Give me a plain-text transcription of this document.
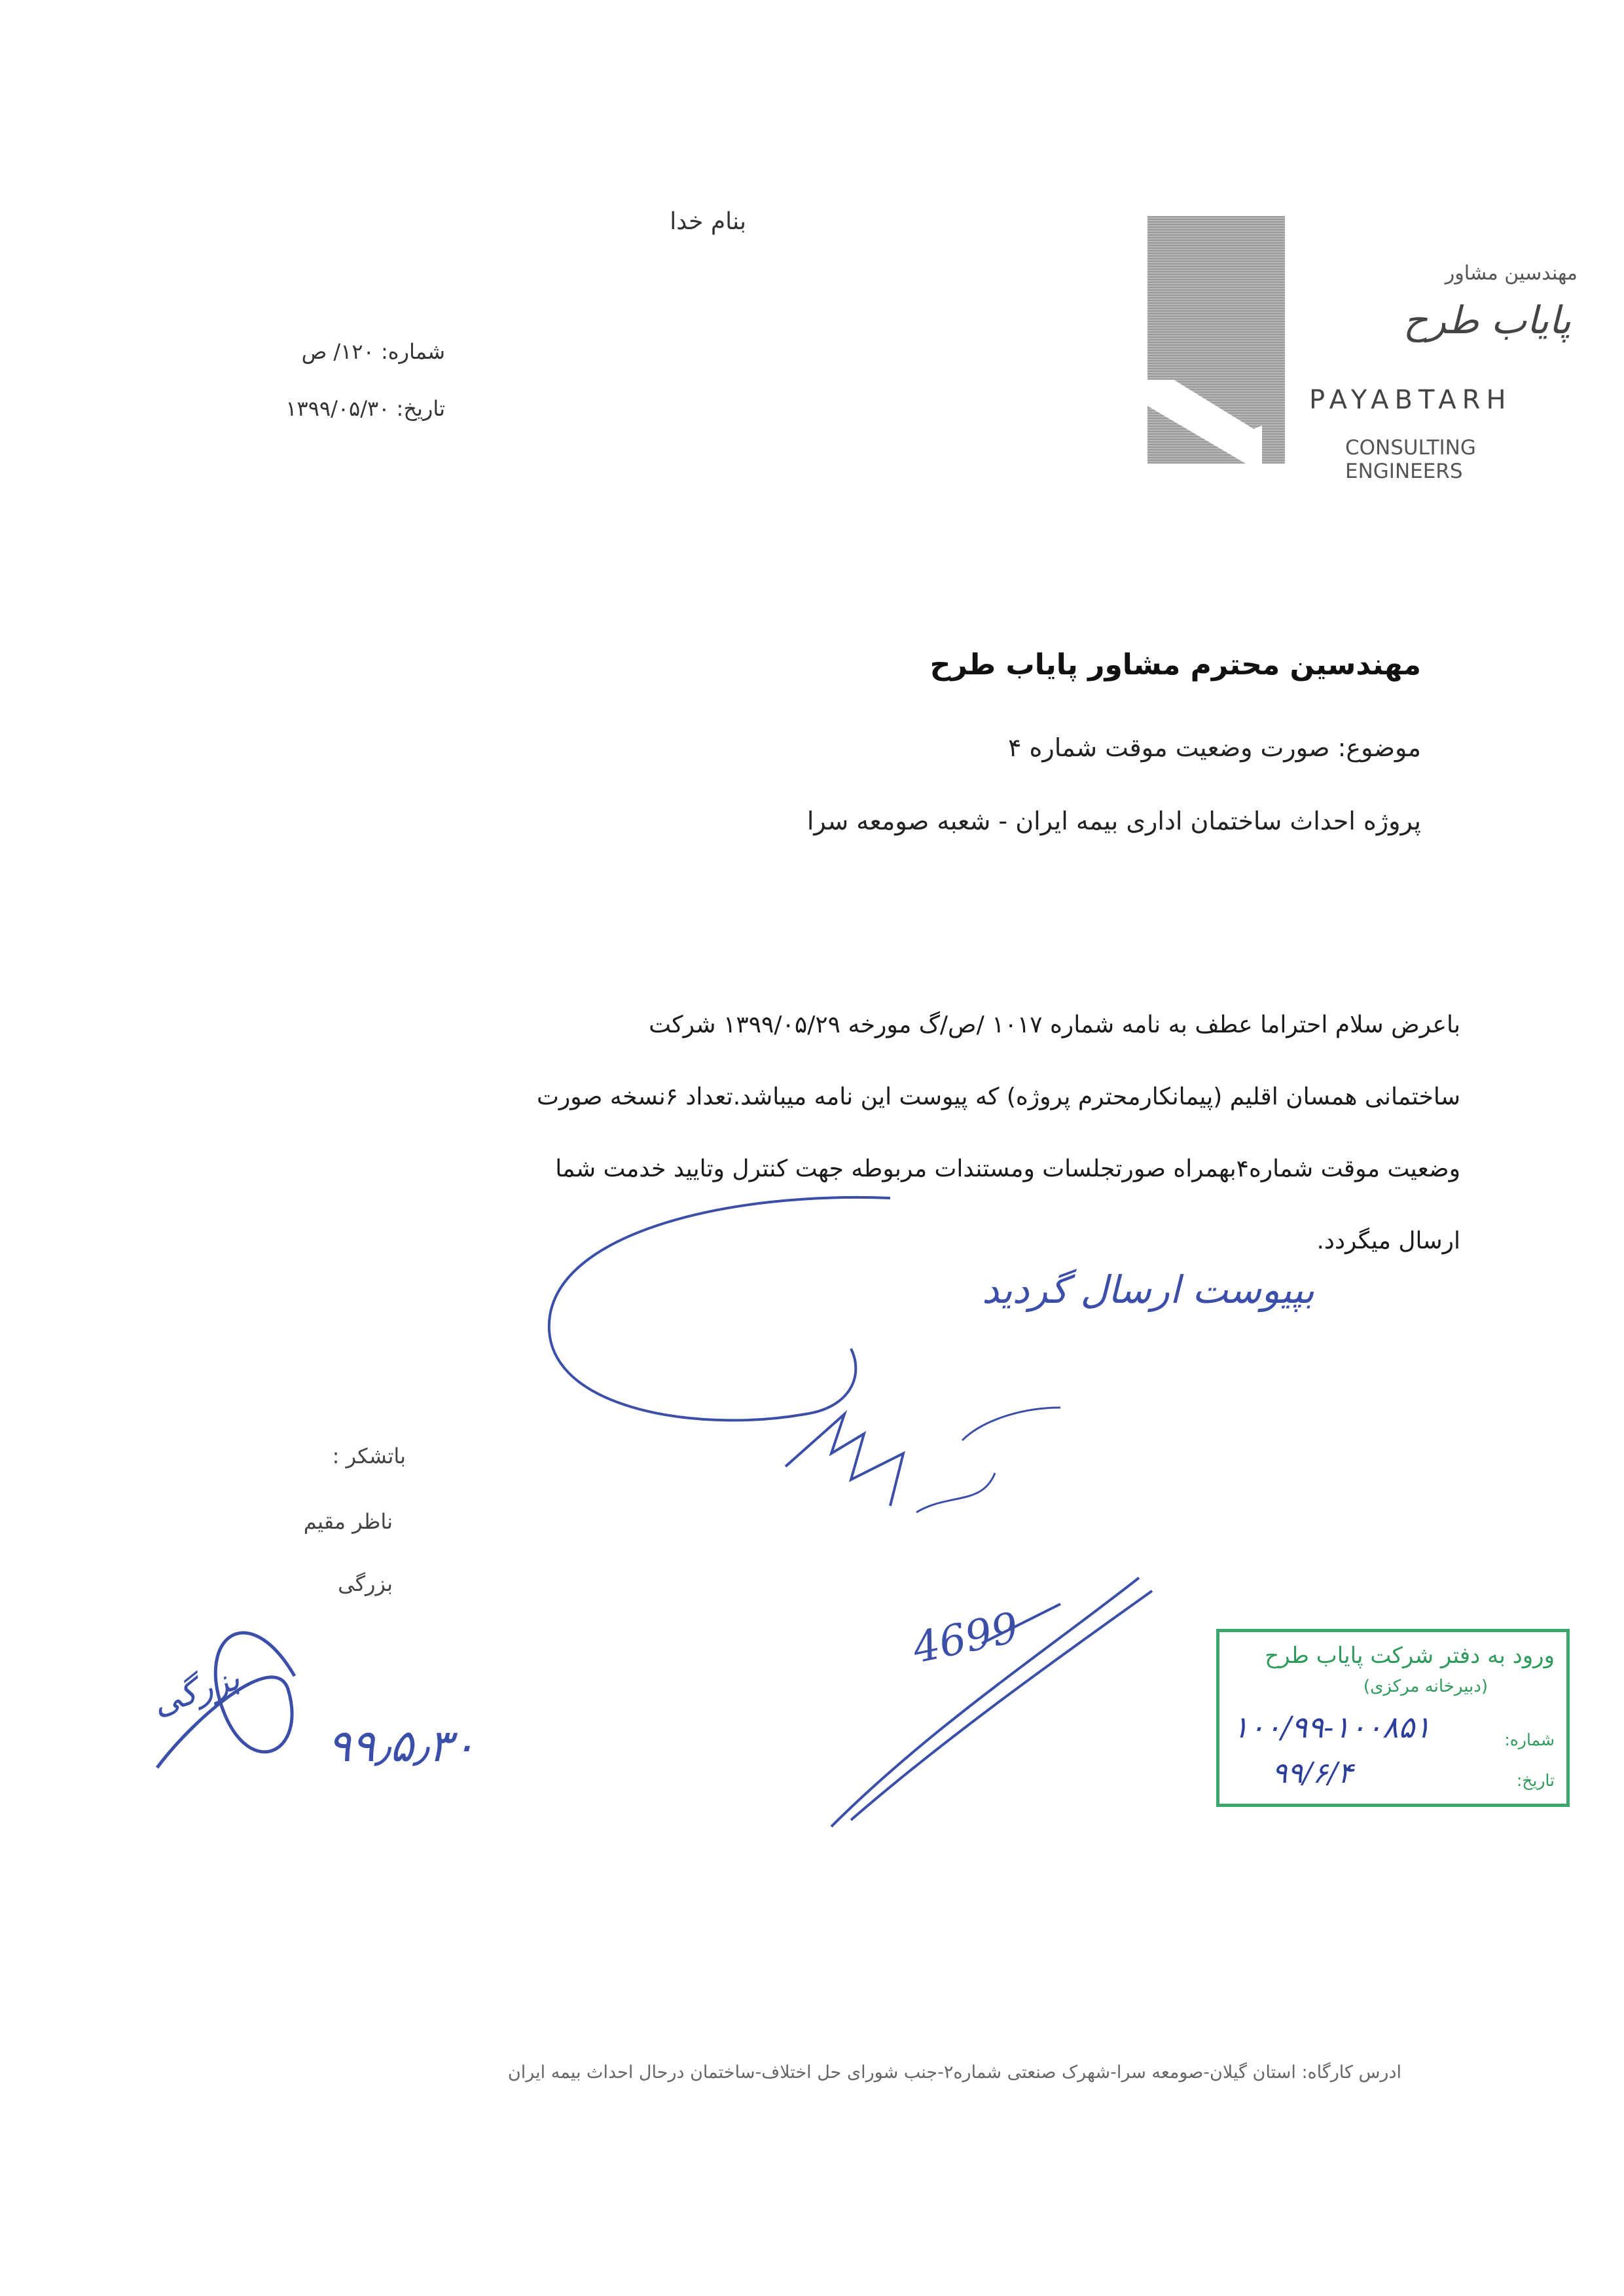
بنام خدا
شماره: ۱۲۰/ ص
تاریخ: ۱۳۹۹/۰۵/۳۰
مهندسین مشاور
پایاب طرح
PAYABTARH
CONSULTING ENGINEERS
مهندسین محترم مشاور پایاب طرح
موضوع: صورت وضعیت موقت شماره ۴
پروژه احداث ساختمان اداری بیمه ایران - شعبه صومعه سرا
باعرض سلام احتراما عطف به نامه شماره ۱۰۱۷ /ص/گ مورخه ۱۳۹۹/۰۵/۲۹ شرکت
ساختمانی همسان اقلیم (پیمانکارمحترم پروژه) که پیوست این نامه میباشد.تعداد ۶نسخه صورت
وضعیت موقت شماره۴بهمراه صورتجلسات ومستندات مربوطه جهت کنترل وتایید خدمت شما
ارسال میگردد.
باتشکر :
ناظر مقیم
بزرگی
بپیوست ارسال گردید
4699
بزرگی
۹۹٫۵٫۳۰
ورود به دفتر شرکت پایاب طرح
(دبیرخانه مرکزی)
شماره:
تاریخ:
۱۰۰/۹۹-۱۰۰۸۵۱
۹۹/۶/۴
ادرس کارگاه: استان گیلان-صومعه سرا-شهرک صنعتی شماره۲-جنب شورای حل اختلاف-ساختمان درحال احداث بیمه ایران
